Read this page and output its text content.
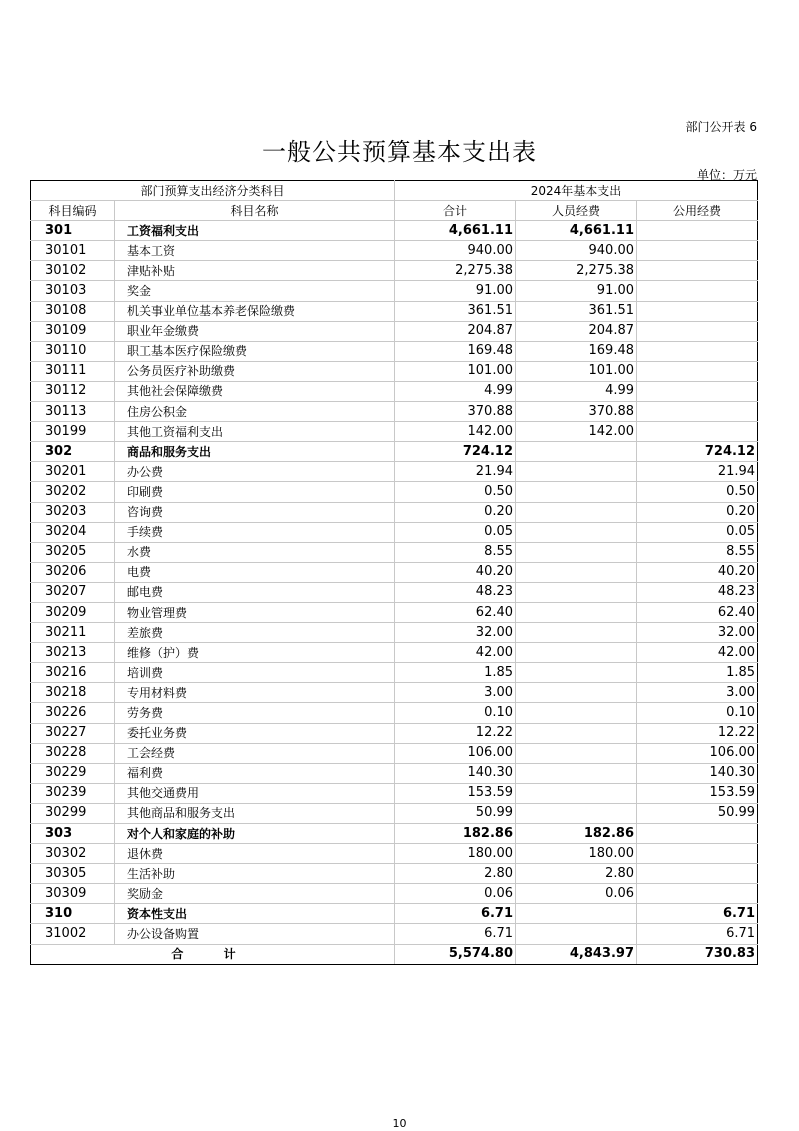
部门公开表 6
一般公共预算基本支出表
单位：万元
部门预算支出经济分类科目		2024年基本支出		
科目编码	科目名称	合计	人员经费	公用经费
301	工资福利支出	4,661.11	4,661.11	
30101	基本工资	940.00	940.00	
30102	津贴补贴	2,275.38	2,275.38	
30103	奖金	91.00	91.00	
30108	机关事业单位基本养老保险缴费	361.51	361.51	
30109	职业年金缴费	204.87	204.87	
30110	职工基本医疗保险缴费	169.48	169.48	
30111	公务员医疗补助缴费	101.00	101.00	
30112	其他社会保障缴费	4.99	4.99	
30113	住房公积金	370.88	370.88	
30199	其他工资福利支出	142.00	142.00	
302	商品和服务支出	724.12		724.12
30201	办公费	21.94		21.94
30202	印刷费	0.50		0.50
30203	咨询费	0.20		0.20
30204	手续费	0.05		0.05
30205	水费	8.55		8.55
30206	电费	40.20		40.20
30207	邮电费	48.23		48.23
30209	物业管理费	62.40		62.40
30211	差旅费	32.00		32.00
30213	维修（护）费	42.00		42.00
30216	培训费	1.85		1.85
30218	专用材料费	3.00		3.00
30226	劳务费	0.10		0.10
30227	委托业务费	12.22		12.22
30228	工会经费	106.00		106.00
30229	福利费	140.30		140.30
30239	其他交通费用	153.59		153.59
30299	其他商品和服务支出	50.99		50.99
303	对个人和家庭的补助	182.86	182.86	
30302	退休费	180.00	180.00	
30305	生活补助	2.80	2.80	
30309	奖励金	0.06	0.06	
310	资本性支出	6.71		6.71
31002	办公设备购置	6.71		6.71
合 计		5,574.80	4,843.97	730.83
10
